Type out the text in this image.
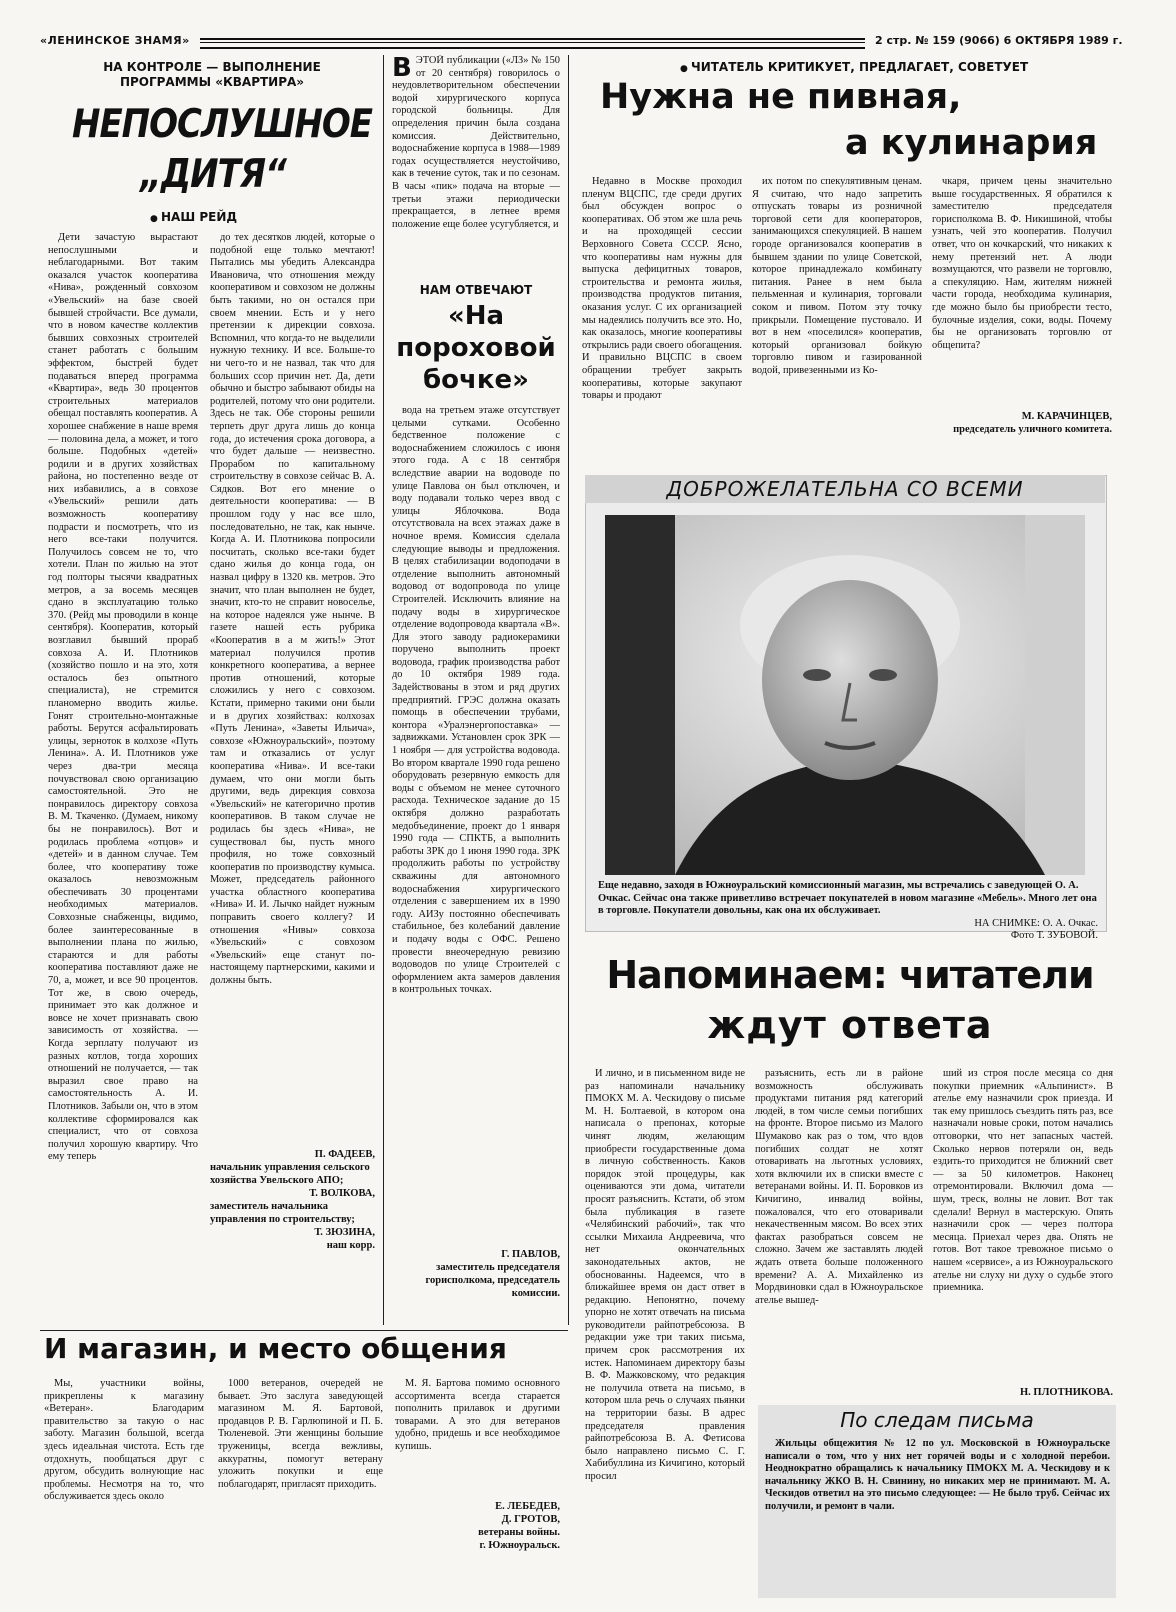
«ЛЕНИНСКОЕ ЗНАМЯ»	2 стр. № 159 (9066) 6 ОКТЯБРЯ 1989 г.
НА КОНТРОЛЕ — ВЫПОЛНЕНИЕ ПРОГРАММЫ «КВАРТИРА»
НЕПОСЛУШНОЕ
„ДИТЯ“
● НАШ РЕЙД

Дети зачастую вырастают непослушными и неблагодарными. Вот таким оказался участок кооператива «Нива», рожденный совхозом «Увельский» на базе своей бывшей стройчасти. Все думали, что в новом качестве коллектив бывших совхозных строителей станет работать с большим эффектом, быстрей будет подаваться вперед программа «Квартира», ведь 30 процентов строительных материалов обещал поставлять кооператив. А хорошее снабжение в наше время — половина дела, а может, и того больше. Подобных «детей» родили и в других хозяйствах района, но постепенно везде от них избавились, а в совхозе «Увельский» решили дать возможность кооперативу подрасти и посмотреть, что из него все-таки получится. Получилось совсем не то, что хотели. План по жилью на этот год полторы тысячи квадратных метров, а за восемь месяцев сдано в эксплуатацию только 370. (Рейд мы проводили в конце сентября). Кооператив, который возглавил бывший прораб совхоза А. И. Плотников (хозяйство пошло и на это, хотя осталось без опытного специалиста), не стремится планомерно вводить жилье. Гонят строительно-монтажные работы. Берутся асфальтировать улицы, зерноток в колхозе «Путь Ленина». А. И. Плотников уже через два-три месяца почувствовал свою организацию самостоятельной. Это не понравилось директору совхоза В. М. Ткаченко. (Думаем, никому бы не понравилось). Вот и родилась проблема «отцов» и «детей» и в данном случае. Тем более, что кооперативу тоже оказалось невозможным обеспечивать 30 процентами необходимых материалов. Совхозные снабженцы, видимо, более заинтересованные в выполнении плана по жилью, стараются и для работы кооператива поставляют даже не 70, а, может, и все 90 процентов. Тот же, в свою очередь, принимает это как должное и вовсе не хочет признавать свою зависимость от хозяйства. — Когда зерплату получают из разных котлов, тогда хороших отношений не получается, — так выразил свое право на самостоятельность А. И. Плотников. Забыли он, что в этом коллективе сформировался как специалист, что от совхоза получил хорошую квартиру. Что ему теперь

до тех десятков людей, которые о подобной еще только мечтают! Пытались мы убедить Александра Ивановича, что отношения между кооперативом и совхозом не должны быть такими, но он остался при своем мнении. Есть и у него претензии к дирекции совхоза. Вспомнил, что когда-то не выделили нужную технику. И все. Больше-то ни чего-то и не назвал, так что для больших ссор причин нет. Да, дети обычно и быстро забывают обиды на родителей, потому что они родители. Здесь не так. Обе стороны решили терпеть друг друга лишь до конца года, до истечения срока договора, а что будет дальше — неизвестно. Прорабом по капитальному строительству в совхозе сейчас В. А. Сядков. Вот его мнение о деятельности кооператива: — В прошлом году у нас все шло, последовательно, не так, как нынче. Когда А. И. Плотникова попросили посчитать, сколько все-таки будет сдано жилья до конца года, он назвал цифру в 1320 кв. метров. Это значит, что план выполнен не будет, значит, кто-то не справит новоселье, на которое надеялся уже нынче. В газете нашей есть рубрика «Кооператив в а м жить!» Этот материал получился против конкретного кооператива, а вернее против отношений, которые сложились у него с совхозом. Кстати, примерно такими они были и в других хозяйствах: колхозах «Путь Ленина», «Заветы Ильича», совхозе «Южноуральский», поэтому там и отказались от услуг кооператива «Нива». И все-таки думаем, что они могли быть другими, ведь дирекция совхоза «Увельский» не категорично против кооперативов. В таком случае не родилась бы здесь «Нива», не существовал бы, пусть много профиля, но тоже совхозный кооператив по производству кумыса. Может, председатель районного участка областного кооператива «Нива» И. И. Лычко найдет нужным поправить своего коллегу? И отношения «Нивы» совхоза «Увельский» с совхозом «Увельский» еще станут по-настоящему партнерскими, какими и должны быть.

П. ФАДЕЕВ,
начальник управления сельского хозяйства Увельского АПО;
Т. ВОЛКОВА,
заместитель начальника управления по строительству;
Т. ЗЮЗИНА,
наш корр.
ВЭТОЙ публикации («ЛЗ» № 150 от 20 сентября) говорилось о неудовлетворительном обеспечении водой хирургического корпуса городской больницы. Для определения причин была создана комиссия. Действительно, водоснабжение корпуса в 1988—1989 годах осуществляется неустойчиво, как в течение суток, так и по сезонам. В часы «пик» подача на вторые —третьи этажи периодически прекращается, в летнее время положение еще более усугубляется, и
НАМ ОТВЕЧАЮТ
«На пороховой бочке»

вода на третьем этаже отсутствует целыми сутками. Особенно бедственное положение с водоснабжением сложилось с июня этого года. А с 18 сентября вследствие аварии на водоводе по улице Павлова он был отключен, и воду подавали только через ввод с улицы Яблочкова. Вода отсутствовала на всех этажах даже в ночное время. Комиссия сделала следующие выводы и предложения. В целях стабилизации водоподачи в отделение выполнить автономный водовод от водопровода по улице Строителей. Исключить влияние на подачу воды в хирургическое отделение водопровода квартала «В». Для этого заводу радиокерамики поручено выполнить проект водовода, график производства работ до 10 октября 1989 года. Задействованы в этом и ряд других предприятий. ГРЭС должна оказать помощь в обеспечении трубами, контора «Уралэнергопоставка» — задвижками. Установлен срок ЗРК — 1 ноября — для устройства водовода. Во втором квартале 1990 года решено оборудовать резервную емкость для воды с объемом не менее суточного расхода. Техническое задание до 15 октября должно разработать медобъединение, проект до 1 января 1990 года — СПКТБ, а выполнить работы ЗРК до 1 июня 1990 года. ЗРК продолжить работы по устройству скважины для автономного водоснабжения хирургического отделения с завершением их в 1990 году. АИЗу постоянно обеспечивать стабильное, без колебаний давление и подачу воды с ОФС. Решено провести внеочередную ревизию водоводов по улице Строителей с оформлением акта замеров давления в контрольных точках.

Г. ПАВЛОВ,
заместитель председателя горисполкома, председатель комиссии.
● ЧИТАТЕЛЬ КРИТИКУЕТ, ПРЕДЛАГАЕТ, СОВЕТУЕТ
Нужна не пивная,
а кулинария

Недавно в Москве проходил пленум ВЦСПС, где среди других был обсужден вопрос о кооперативах. Об этом же шла речь и на проходящей сессии Верховного Совета СССР. Ясно, что кооперативы нам нужны для выпуска дефицитных товаров, строительства и ремонта жилья, производства продуктов питания, оказания услуг. С их организацией мы надеялись получить все это. Но, как оказалось, многие кооперативы открылись ради своего обогащения. И правильно ВЦСПС в своем обращении требует закрыть кооперативы, которые закупают товары и продают

их потом по спекулятивным ценам. Я считаю, что надо запретить отпускать товары из розничной торговой сети для кооператоров, занимающихся спекуляцией. В нашем городе организовался кооператив в бывшем здании по улице Советской, которое принадлежало комбинату питания. Ранее в нем была пельменная и кулинария, торговали соком и пивом. Потом эту точку прикрыли. Помещение пустовало. И вот в нем «поселился» кооператив, который организовал бойкую торговлю пивом и газированной водой, привезенными из Ко-

чкаря, причем цены значительно выше государственных. Я обратился к заместителю председателя горисполкома В. Ф. Никишиной, чтобы узнать, чей это кооператив. Получил ответ, что он кочкарский, что никаких к нему претензий нет. А люди возмущаются, что развели не торговлю, а спекуляцию. Нам, жителям нижней части города, необходима кулинария, где можно было бы приобрести тесто, булочные изделия, соки, воды. Почему бы не организовать торговлю от общепита?

М. КАРАЧИНЦЕВ,
председатель уличного комитета.
ДОБРОЖЕЛАТЕЛЬНА СО ВСЕМИ
Еще недавно, заходя в Южноуральский комиссионный магазин, мы встречались с заведующей О. А. Очкас. Сейчас она также приветливо встречает покупателей в новом магазине «Мебель». Много лет она в торговле. Покупатели довольны, как она их обслуживает.
НА СНИМКЕ: О. А. Очкас.
Фото Т. ЗУБОВОЙ.
Напоминаем: читатели
ждут ответа

И лично, и в письменном виде не раз напоминали начальнику ПМОКХ М. А. Ческидову о письме М. Н. Болтаевой, в котором она написала о препонах, которые чинят людям, желающим приобрести государственные дома в личную собственность. Каков порядок этой процедуры, как оцениваются эти дома, читатели просят разъяснить. Кстати, об этом была публикация в газете «Челябинский рабочий», так что ссылки Михаила Андреевича, что нет окончательных законодательных актов, не обоснованны. Надеемся, что в ближайшее время он даст ответ в редакцию. Непонятно, почему упорно не хотят отвечать на письма руководители райпотребсоюза. В редакции уже три таких письма, причем срок рассмотрения их истек. Напоминаем директору базы В. Ф. Мажковскому, что редакция не получила ответа на письмо, в котором шла речь о случаях пьянки на территории базы. В адрес председателя правления райпотребсоюза В. А. Фетисова было направлено письмо С. Г. Хабибуллина из Кичигино, который просил

разъяснить, есть ли в районе возможность обслуживать продуктами питания ряд категорий людей, в том числе семьи погибших на фронте. Второе письмо из Малого Шумаково как раз о том, что вдов погибших солдат не хотят отоваривать на льготных условиях, хотя включили их в списки вместе с ветеранами войны. И. П. Боровков из Кичигино, инвалид войны, пожаловался, что его отоваривали некачественным мясом. Во всех этих фактах разобраться совсем не сложно. Зачем же заставлять людей ждать ответа больше положенного времени? А. А. Михайленко из Мордвиновки сдал в Южноуральское ателье вышед-

ший из строя после месяца со дня покупки приемник «Альпинист». В ателье ему назначили срок приезда. И так ему пришлось съездить пять раз, все назначали новые сроки, потом начались отговорки, что нет запасных частей. Сколько нервов потеряли он, ведь ездить-то приходится не ближний свет — за 50 километров. Наконец отремонтировали. Включил дома — шум, треск, волны не ловит. Вот так сделали! Вернул в мастерскую. Опять назначили срок — через полтора месяца. Приехал через два. Опять не готов. Вот такое тревожное письмо о нашем «сервисе», а из Южноуральского ателье ни слуху ни духу о судьбе этого приемника.

Н. ПЛОТНИКОВА.
По следам письма

Жильцы общежития № 12 по ул. Московской в Южноуральске написали о том, что у них нет горячей воды и с холодной перебои. Неоднократно обращались к начальнику ПМОКХ М. А. Ческидову и к начальнику ЖКО В. Н. Свинину, но никаких мер не принимают. М. А. Ческидов ответил на это письмо следующее: — Не было труб. Сейчас их получили, и ремонт в чали.

И магазин, и место общения

Мы, участники войны, прикреплены к магазину «Ветеран». Благодарим правительство за такую о нас заботу. Магазин большой, всегда здесь идеальная чистота. Есть где отдохнуть, пообщаться друг с другом, обсудить волнующие нас проблемы. Несмотря на то, что обслуживается здесь около

1000 ветеранов, очередей не бывает. Это заслуга заведующей магазином М. Я. Бартовой, продавцов Р. В. Гарлюпиной и П. Б. Тюленевой. Эти женщины большие труженицы, всегда вежливы, аккуратны, помогут ветерану уложить покупки и еще поблагодарят, пригласят приходить.

М. Я. Бартова помимо основного ассортимента всегда старается пополнить прилавок и другими товарами. А это для ветеранов удобно, придешь и все необходимое купишь.

Е. ЛЕБЕДЕВ,
Д. ГРОТОВ,
ветераны войны.
г. Южноуральск.
